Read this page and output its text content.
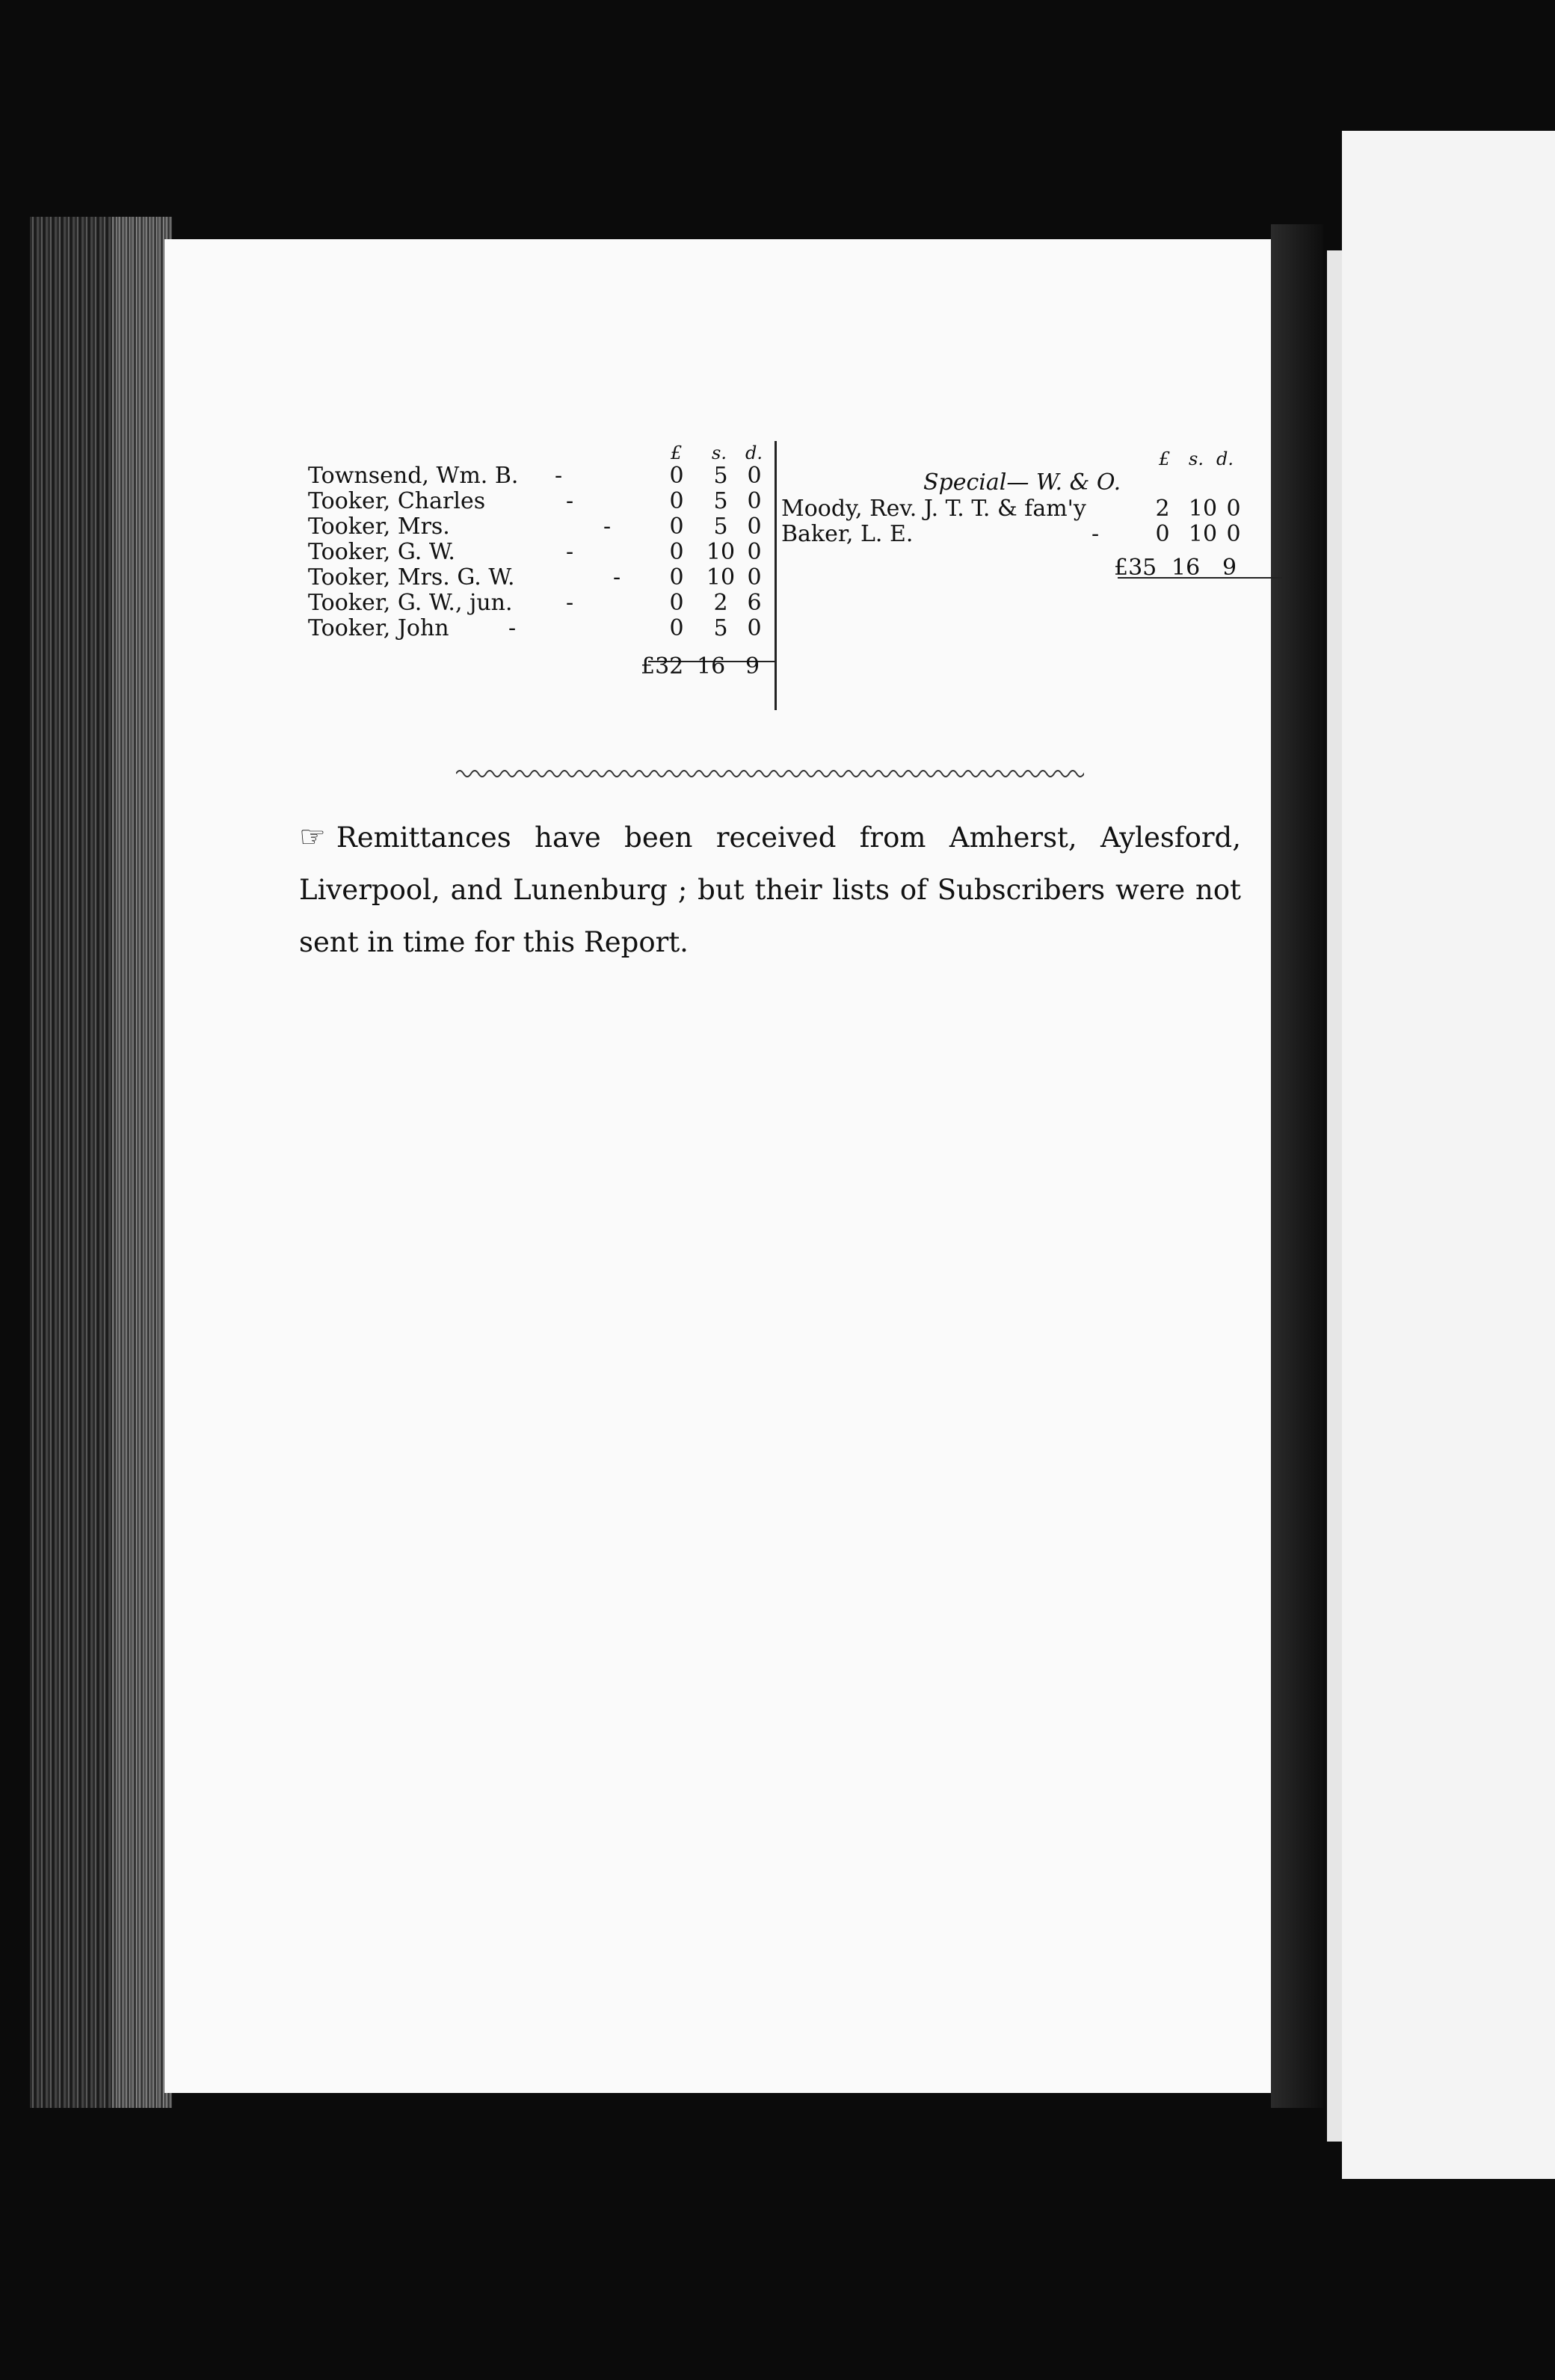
£ s. d.
Townsend, Wm. B. -	0	5 0
Tooker, Charles	-	0	5 0
Tooker, Mrs.	-	0	5 0
Tooker, G. W.	-	0 10 0
Tooker, Mrs. G. W.	- 0 10 0
Tooker, G. W., jun. -	0	2 6
Tooker, John	-	0	5 0
£32 16 9
£ s. d.
Special— W. & O.
Moody, Rev. J. T. T. & fam'y	2 10 0
Baker, L. E.	-	0 10 0
£35 16 9
☞ Remittances have been received from Amherst, Aylesford, Liverpool, and Lunenburg ; but their lists of Subscribers were not sent in time for this Report.
